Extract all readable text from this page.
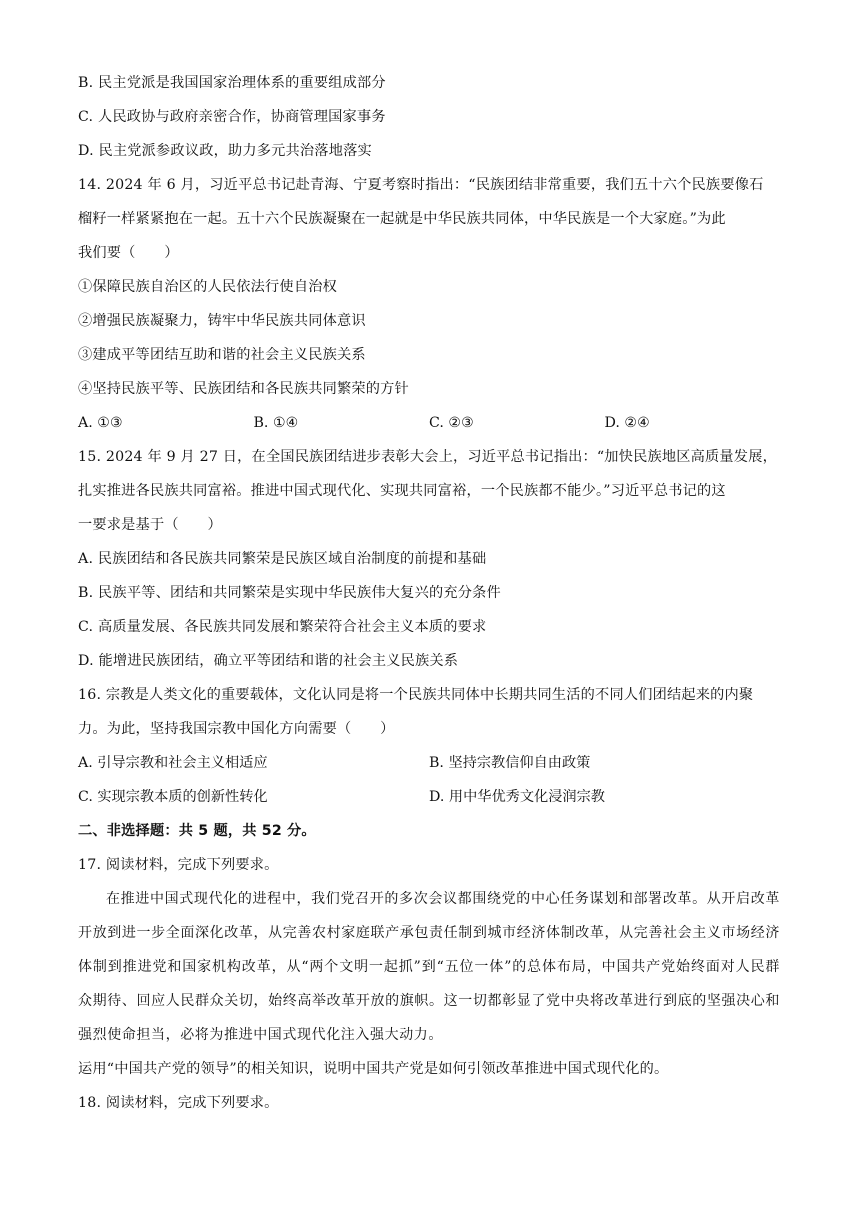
B. 民主党派是我国国家治理体系的重要组成部分
C. 人民政协与政府亲密合作，协商管理国家事务
D. 民主党派参政议政，助力多元共治落地落实
14. 2024 年 6 月，习近平总书记赴青海、宁夏考察时指出：“民族团结非常重要，我们五十六个民族要像石
榴籽一样紧紧抱在一起。五十六个民族凝聚在一起就是中华民族共同体，中华民族是一个大家庭。”为此
我们要（　　）
①保障民族自治区的人民依法行使自治权
②增强民族凝聚力，铸牢中华民族共同体意识
③建成平等团结互助和谐的社会主义民族关系
④坚持民族平等、民族团结和各民族共同繁荣的方针
A. ①③	B. ①④	C. ②③	D. ②④
15. 2024 年 9 月 27 日，在全国民族团结进步表彰大会上，习近平总书记指出：“加快民族地区高质量发展，
扎实推进各民族共同富裕。推进中国式现代化、实现共同富裕，一个民族都不能少。”习近平总书记的这
一要求是基于（　　）
A. 民族团结和各民族共同繁荣是民族区域自治制度的前提和基础
B. 民族平等、团结和共同繁荣是实现中华民族伟大复兴的充分条件
C. 高质量发展、各民族共同发展和繁荣符合社会主义本质的要求
D. 能增进民族团结，确立平等团结和谐的社会主义民族关系
16. 宗教是人类文化的重要载体，文化认同是将一个民族共同体中长期共同生活的不同人们团结起来的内聚
力。为此，坚持我国宗教中国化方向需要（　　）
A. 引导宗教和社会主义相适应	B. 坚持宗教信仰自由政策
C. 实现宗教本质的创新性转化	D. 用中华优秀文化浸润宗教
二、非选择题：共 5 题，共 52 分。
17. 阅读材料，完成下列要求。
在推进中国式现代化的进程中，我们党召开的多次会议都围绕党的中心任务谋划和部署改革。从开启改革开放到进一步全面深化改革，从完善农村家庭联产承包责任制到城市经济体制改革，从完善社会主义市场经济体制到推进党和国家机构改革，从“两个文明一起抓”到“五位一体”的总体布局，中国共产党始终面对人民群众期待、回应人民群众关切，始终高举改革开放的旗帜。这一切都彰显了党中央将改革进行到底的坚强决心和强烈使命担当，必将为推进中国式现代化注入强大动力。
运用“中国共产党的领导”的相关知识，说明中国共产党是如何引领改革推进中国式现代化的。
18. 阅读材料，完成下列要求。
